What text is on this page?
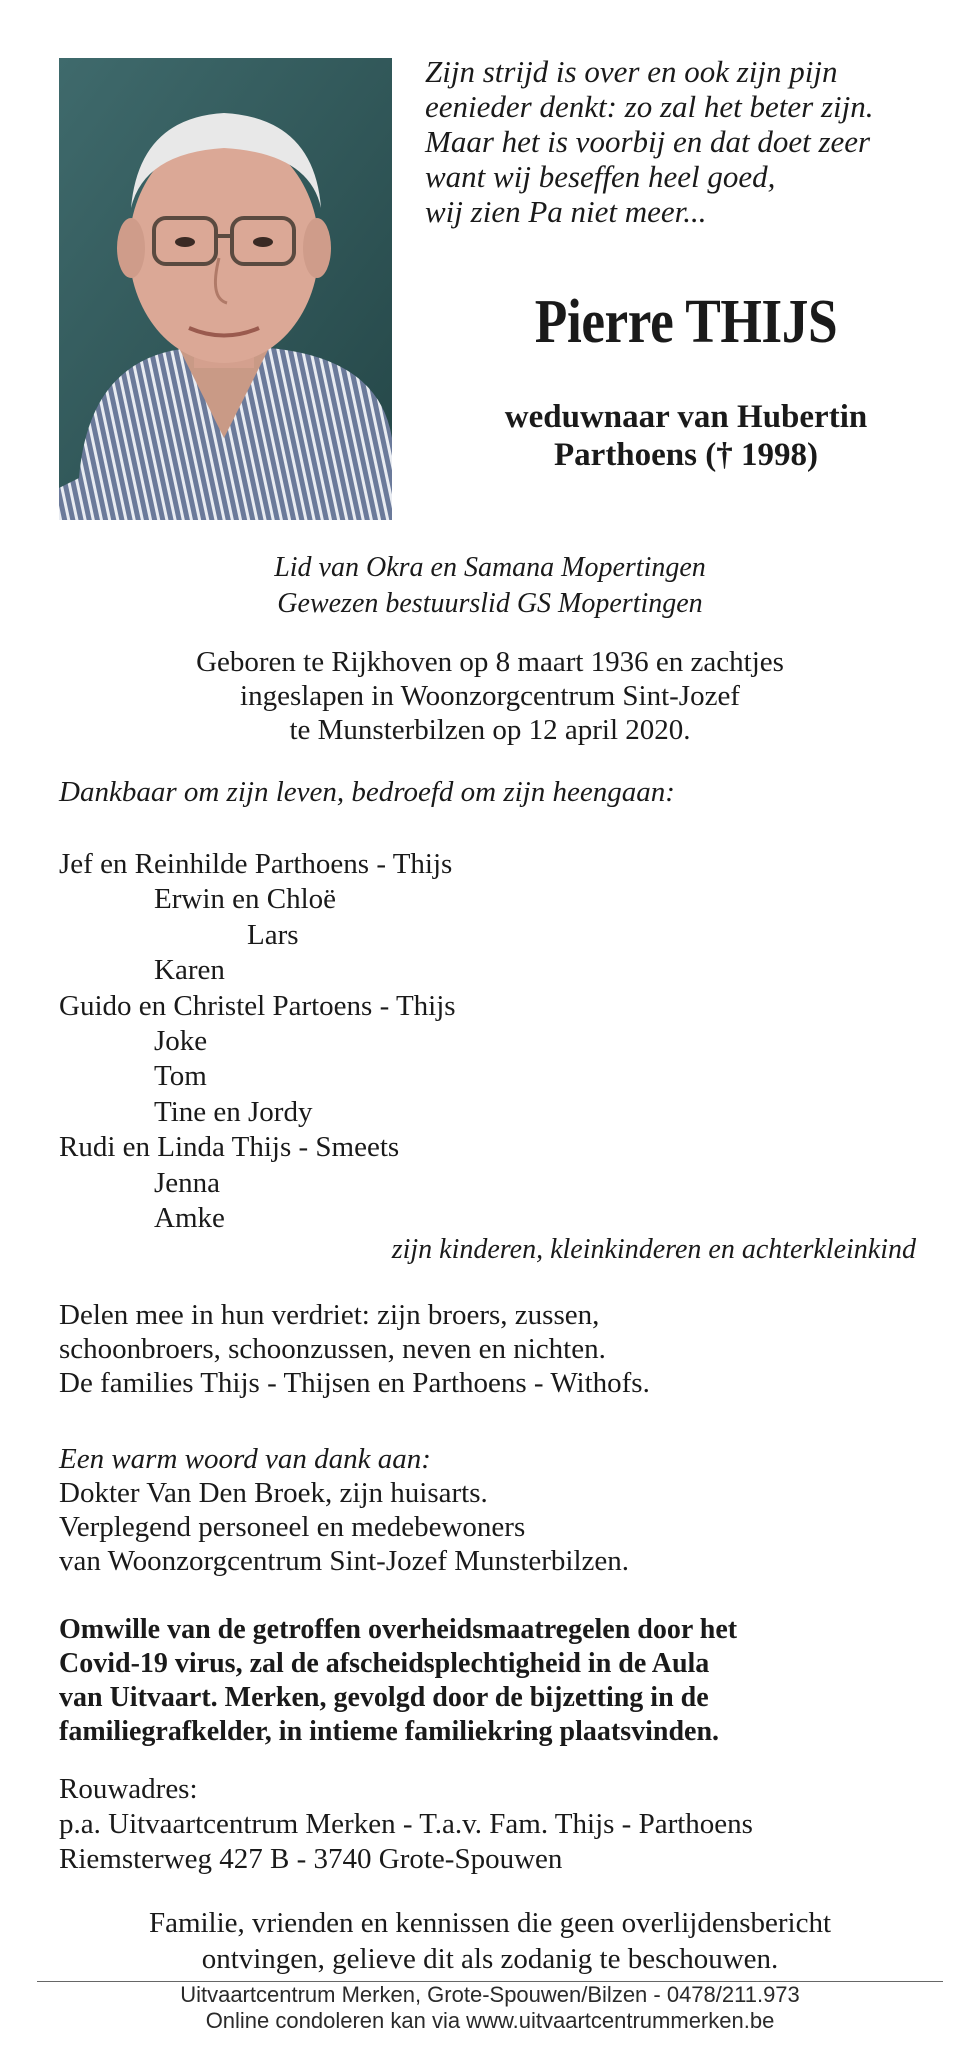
Zijn strijd is over en ook zijn pijn
eenieder denkt: zo zal het beter zijn.
Maar het is voorbij en dat doet zeer
want wij beseffen heel goed,
wij zien Pa niet meer...
Pierre THIJS
weduwnaar van Hubertin
Parthoens († 1998)
Lid van Okra en Samana Mopertingen
Gewezen bestuurslid GS Mopertingen
Geboren te Rijkhoven op 8 maart 1936 en zachtjes
ingeslapen in Woonzorgcentrum Sint-Jozef
te Munsterbilzen op 12 april 2020.
Dankbaar om zijn leven, bedroefd om zijn heengaan:
Jef en Reinhilde Parthoens - Thijs
Erwin en Chloë
Lars
Karen
Guido en Christel Partoens - Thijs
Joke
Tom
Tine en Jordy
Rudi en Linda Thijs - Smeets
Jenna
Amke
zijn kinderen, kleinkinderen en achterkleinkind
Delen mee in hun verdriet: zijn broers, zussen,
schoonbroers, schoonzussen, neven en nichten.
De families Thijs - Thijsen en Parthoens - Withofs.
Een warm woord van dank aan:
Dokter Van Den Broek, zijn huisarts.
Verplegend personeel en medebewoners
van Woonzorgcentrum Sint-Jozef Munsterbilzen.
Omwille van de getroffen overheidsmaatregelen door het
Covid-19 virus, zal de afscheidsplechtigheid in de Aula
van Uitvaart. Merken, gevolgd door de bijzetting in de
familiegrafkelder, in intieme familiekring plaatsvinden.
Rouwadres:
p.a. Uitvaartcentrum Merken - T.a.v. Fam. Thijs - Parthoens
Riemsterweg 427 B - 3740 Grote-Spouwen
Familie, vrienden en kennissen die geen overlijdensbericht
ontvingen, gelieve dit als zodanig te beschouwen.
Uitvaartcentrum Merken, Grote-Spouwen/Bilzen - 0478/211.973
Online condoleren kan via www.uitvaartcentrummerken.be
